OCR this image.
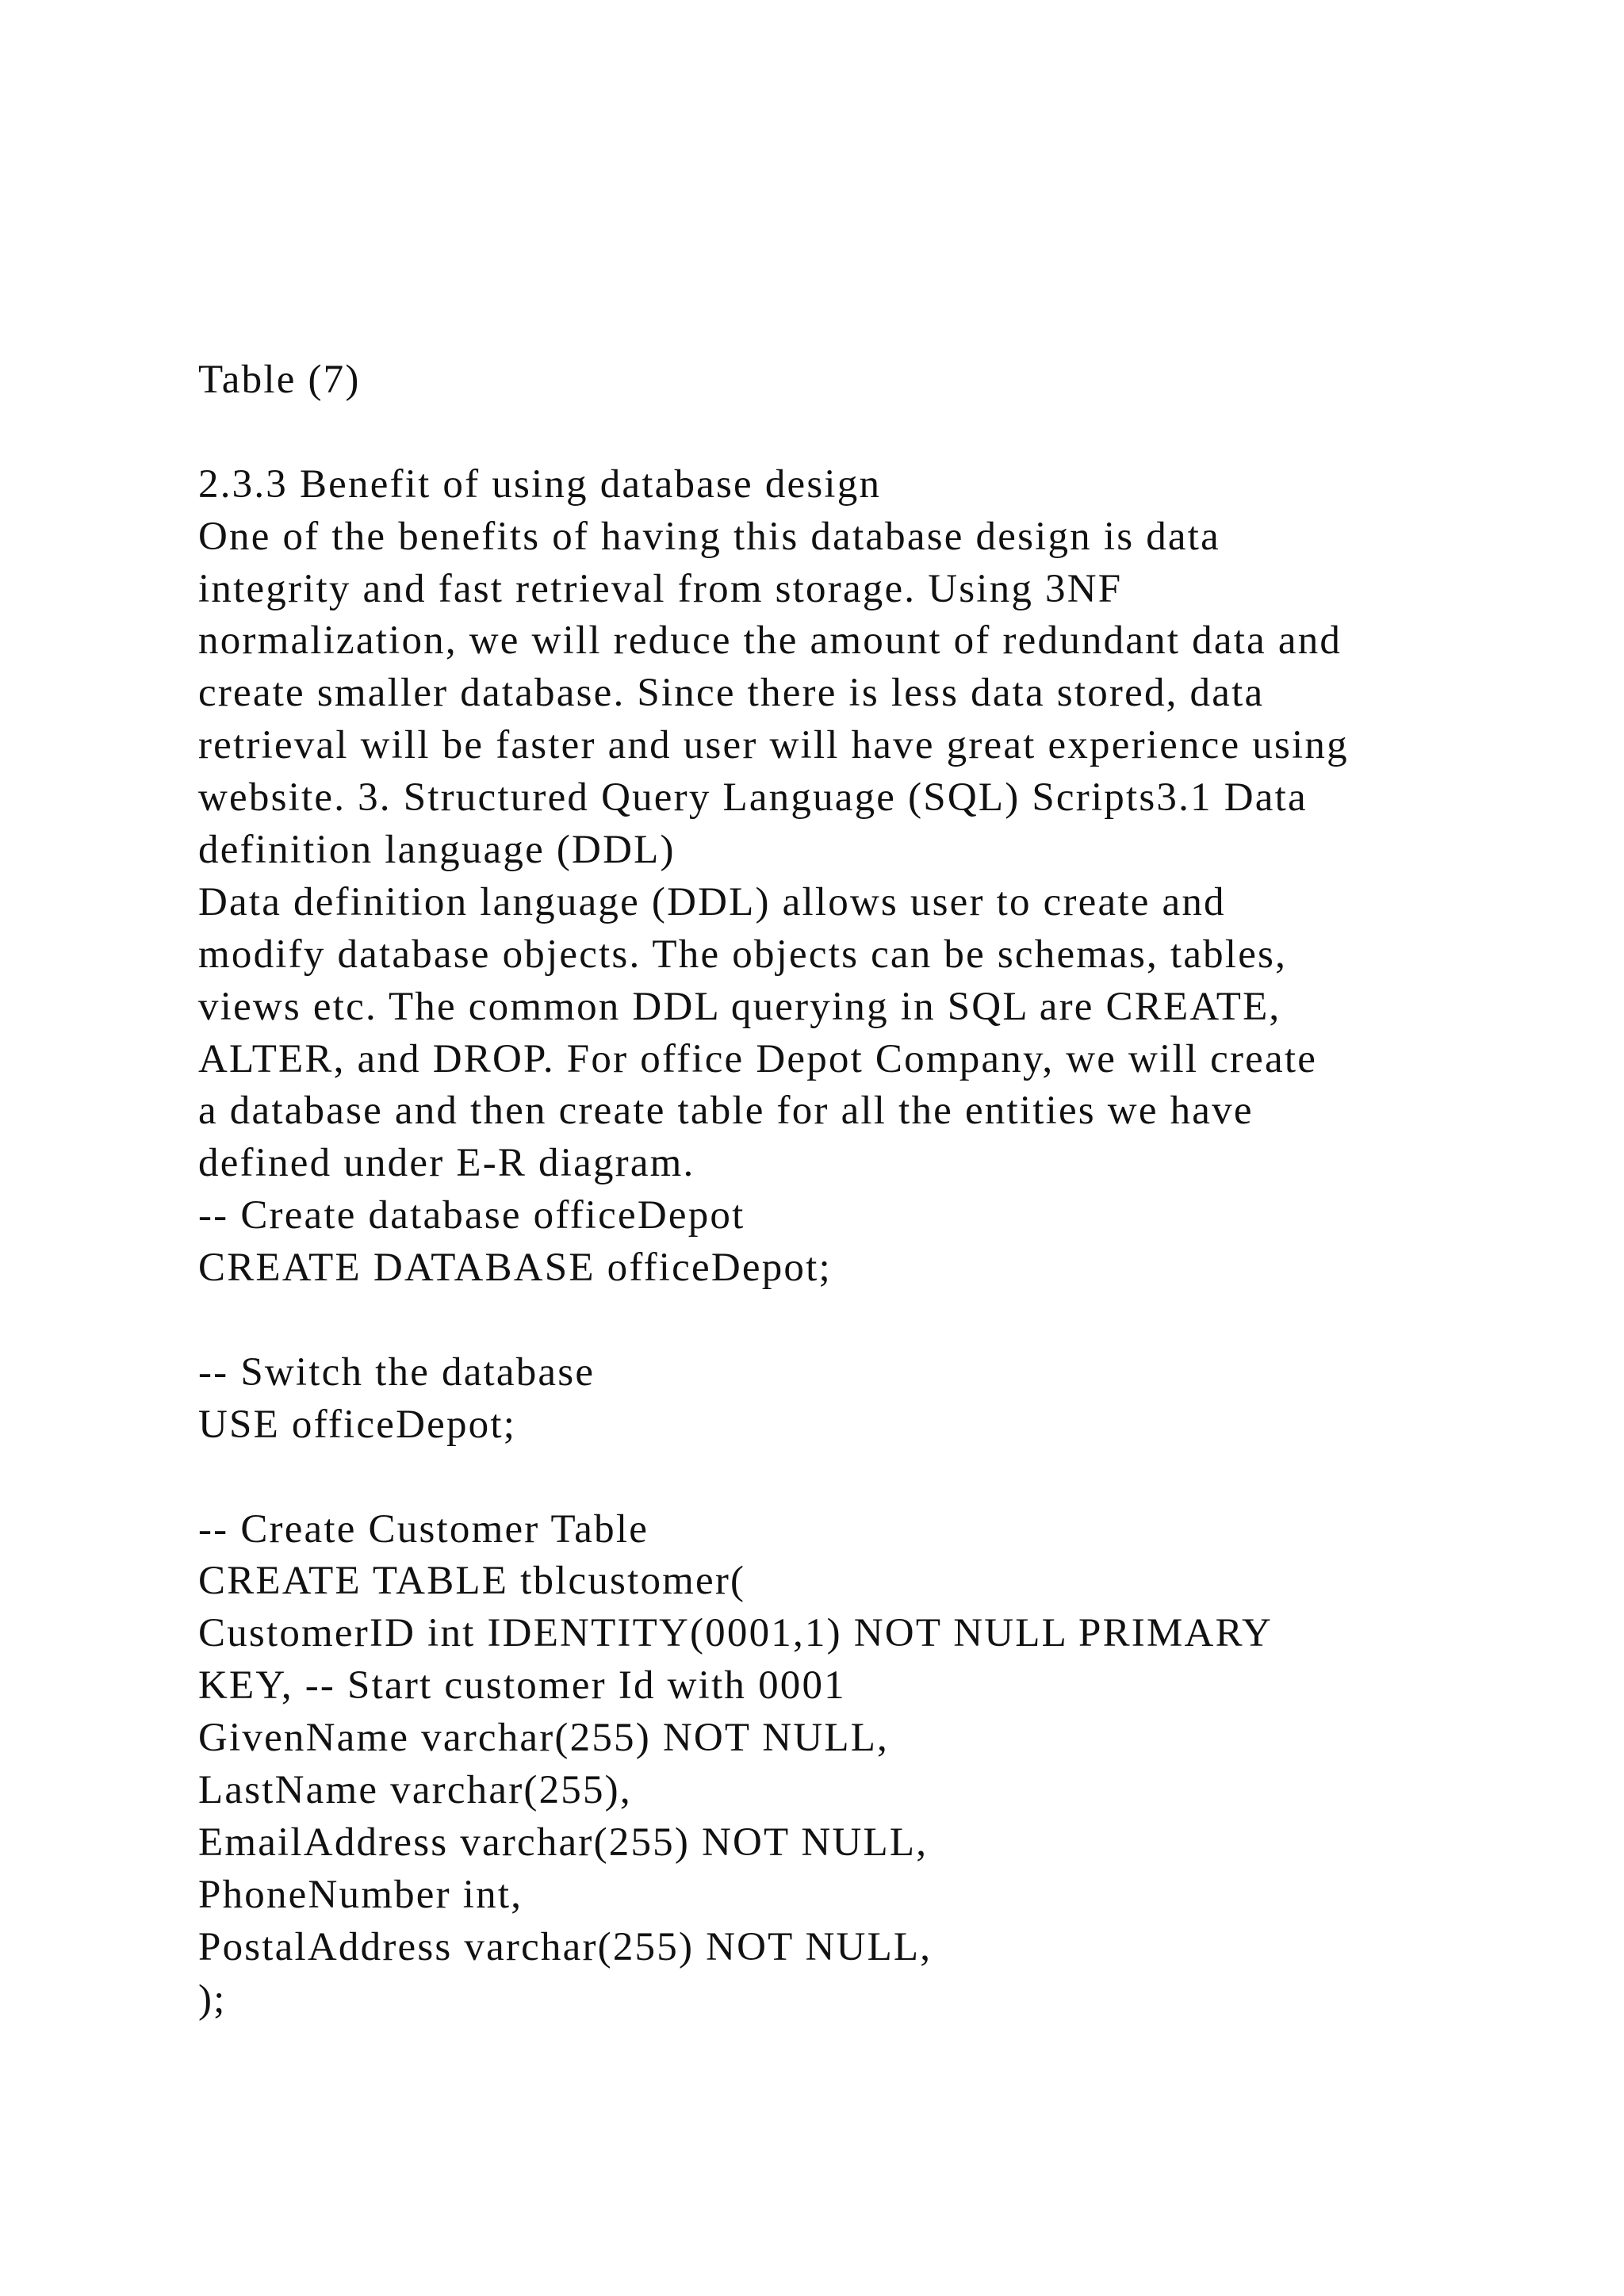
Table (7)
2.3.3 Benefit of using database design
One of the benefits of having this database design is data
integrity and fast retrieval from storage. Using 3NF
normalization, we will reduce the amount of redundant data and
create smaller database. Since there is less data stored, data
retrieval will be faster and user will have great experience using
website. 3. Structured Query Language (SQL) Scripts3.1 Data
definition language (DDL)
Data definition language (DDL) allows user to create and
modify database objects. The objects can be schemas, tables,
views etc. The common DDL querying in SQL are CREATE,
ALTER, and DROP. For office Depot Company, we will create
a database and then create table for all the entities we have
defined under E-R diagram.
-- Create database officeDepot
CREATE DATABASE officeDepot;
-- Switch the database
USE officeDepot;
-- Create Customer Table
CREATE TABLE tblcustomer(
CustomerID int IDENTITY(0001,1) NOT NULL PRIMARY
KEY, -- Start customer Id with 0001
GivenName varchar(255) NOT NULL,
LastName varchar(255),
EmailAddress varchar(255) NOT NULL,
PhoneNumber int,
PostalAddress varchar(255) NOT NULL,
);
